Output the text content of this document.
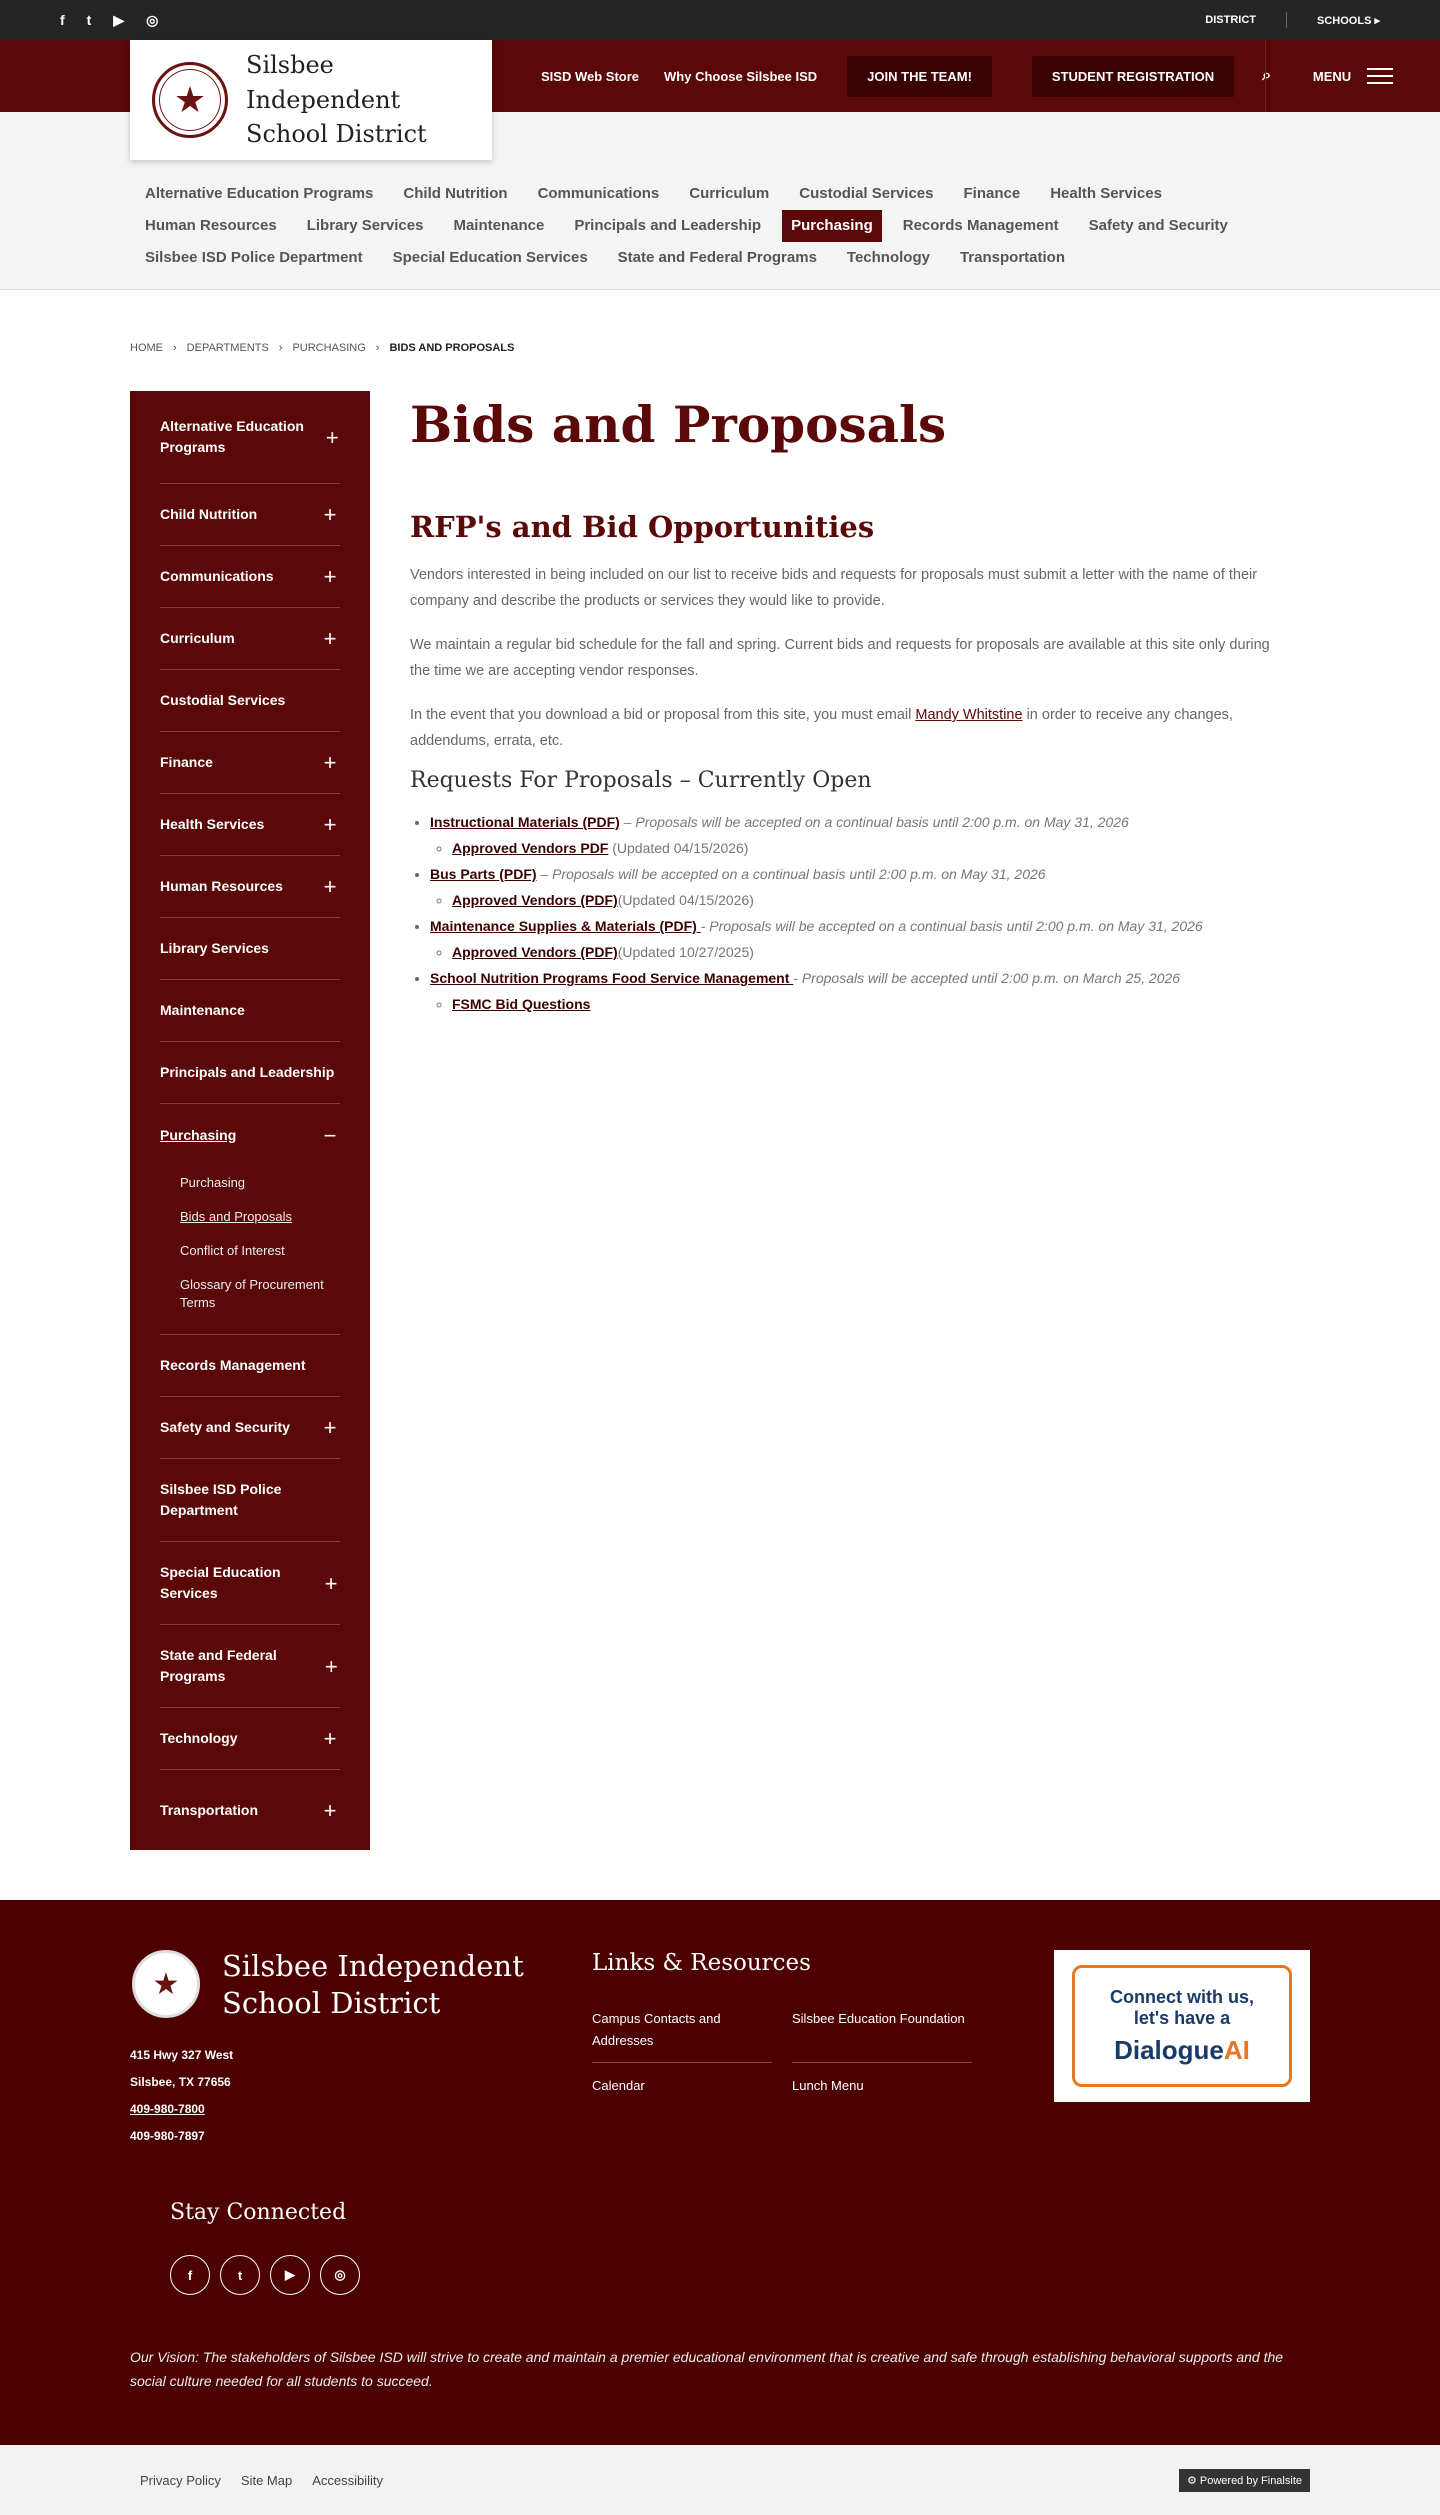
f t ▶ ◎	DISTRICT	SCHOOLS ▸
★
Silsbee Independent
School District
SISD Web Store Why Choose Silsbee ISD	JOIN THE TEAM!	STUDENT REGISTRATION	⌕	MENU
Alternative Education Programs	Child Nutrition	Communications	Curriculum	Custodial Services	Finance	Health Services
Human Resources	Library Services	Maintenance	Principals and Leadership	Purchasing	Records Management	Safety and Security
Silsbee ISD Police Department	Special Education Services	State and Federal Programs	Technology	Transportation
HOME › DEPARTMENTS › PURCHASING › BIDS AND PROPOSALS
Alternative Education Programs	+
Child Nutrition	+
Communications +
Curriculum	+
Custodial Services
Finance	+
Health Services	+
Human Resources +
Library Services
Maintenance
Principals and Leadership
Purchasing	−
Purchasing
Bids and Proposals
Conflict of Interest
Glossary of Procurement Terms
Records Management
Safety and Security +
Silsbee ISD Police Department
Special Education Services	+
State and Federal Programs	+
Technology	+
Transportation	+
Bids and Proposals
RFP's and Bid Opportunities

Vendors interested in being included on our list to receive bids and requests for proposals must submit a letter with the name of their company and describe the products or services they would like to provide.

We maintain a regular bid schedule for the fall and spring. Current bids and requests for proposals are available at this site only during the time we are accepting vendor responses.

In the event that you download a bid or proposal from this site, you must email Mandy Whitstine in order to receive any changes, addendums, errata, etc.

Requests For Proposals – Currently Open
• Instructional Materials (PDF) – Proposals will be accepted on a continual basis until 2:00 p.m. on May 31, 2026
◦ Approved Vendors PDF (Updated 04/15/2026)
• Bus Parts (PDF) – Proposals will be accepted on a continual basis until 2:00 p.m. on May 31, 2026
◦ Approved Vendors (PDF)(Updated 04/15/2026)
• Maintenance Supplies & Materials (PDF) - Proposals will be accepted on a continual basis until 2:00 p.m. on May 31, 2026
◦ Approved Vendors (PDF)(Updated 10/27/2025)
• School Nutrition Programs Food Service Management - Proposals will be accepted until 2:00 p.m. on March 25, 2026
◦ FSMC Bid Questions
★
Silsbee Independent
School District
415 Hwy 327 West
Silsbee, TX 77656
409-980-7800
409-980-7897
Links & Resources
Campus Contacts and Addresses
Silsbee Education Foundation
Calendar	Lunch Menu
Connect with us,
let's have a
DialogueAI
Stay Connected
f	t	▶	◎
Our Vision: The stakeholders of Silsbee ISD will strive to create and maintain a premier educational environment that is creative and safe through establishing behavioral supports and the social culture needed for all students to succeed.
Privacy Policy Site Map Accessibility	⚙ Powered by Finalsite
